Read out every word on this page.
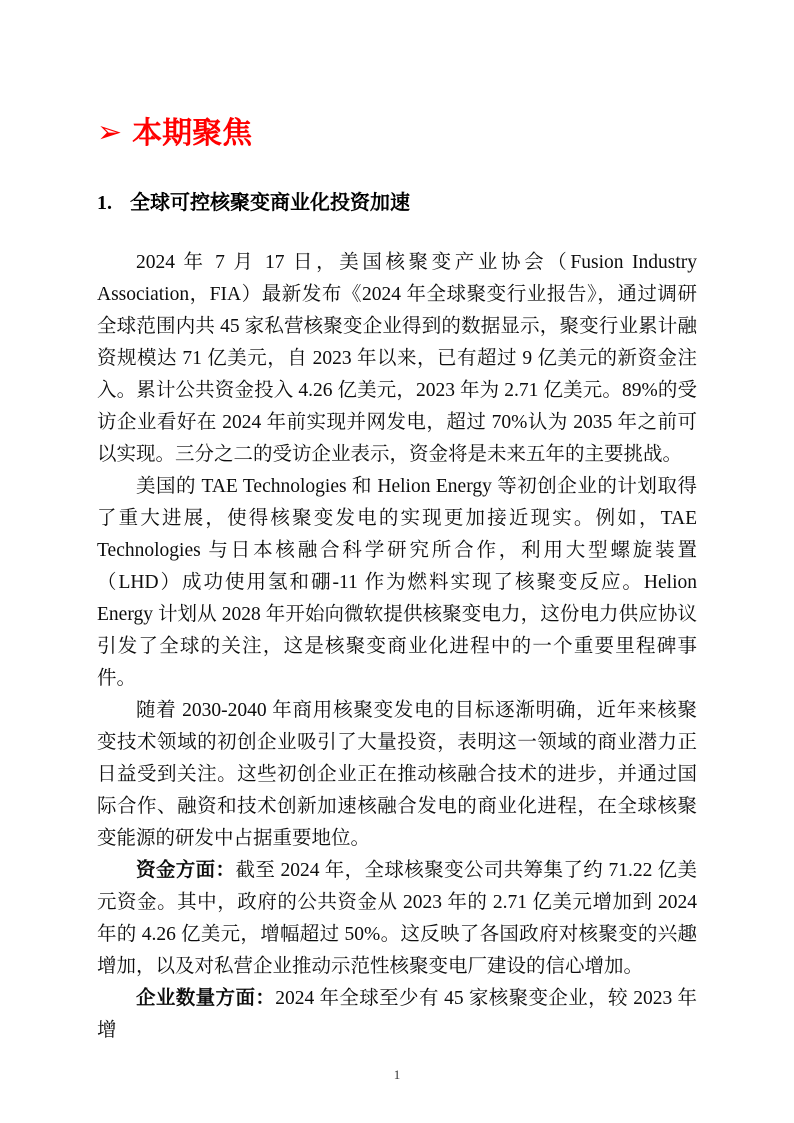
➢ 本期聚焦
1. 全球可控核聚变商业化投资加速

2024 年 7 月 17 日，美国核聚变产业协会（Fusion Industry Association，FIA）最新发布《2024 年全球聚变行业报告》，通过调研全球范围内共 45 家私营核聚变企业得到的数据显示，聚变行业累计融资规模达 71 亿美元，自 2023 年以来，已有超过 9 亿美元的新资金注入。累计公共资金投入 4.26 亿美元，2023 年为 2.71 亿美元。89%的受访企业看好在 2024 年前实现并网发电，超过 70%认为 2035 年之前可以实现。三分之二的受访企业表示，资金将是未来五年的主要挑战。

美国的 TAE Technologies 和 Helion Energy 等初创企业的计划取得了重大进展，使得核聚变发电的实现更加接近现实。例如，TAE Technologies 与日本核融合科学研究所合作，利用大型螺旋装置（LHD）成功使用氢和硼-11 作为燃料实现了核聚变反应。Helion Energy 计划从 2028 年开始向微软提供核聚变电力，这份电力供应协议引发了全球的关注，这是核聚变商业化进程中的一个重要里程碑事件。

随着 2030-2040 年商用核聚变发电的目标逐渐明确，近年来核聚变技术领域的初创企业吸引了大量投资，表明这一领域的商业潜力正日益受到关注。这些初创企业正在推动核融合技术的进步，并通过国际合作、融资和技术创新加速核融合发电的商业化进程，在全球核聚变能源的研发中占据重要地位。

资金方面：截至 2024 年，全球核聚变公司共筹集了约 71.22 亿美元资金。其中，政府的公共资金从 2023 年的 2.71 亿美元增加到 2024 年的 4.26 亿美元，增幅超过 50%。这反映了各国政府对核聚变的兴趣增加，以及对私营企业推动示范性核聚变电厂建设的信心增加。

企业数量方面：2024 年全球至少有 45 家核聚变企业，较 2023 年增

1
